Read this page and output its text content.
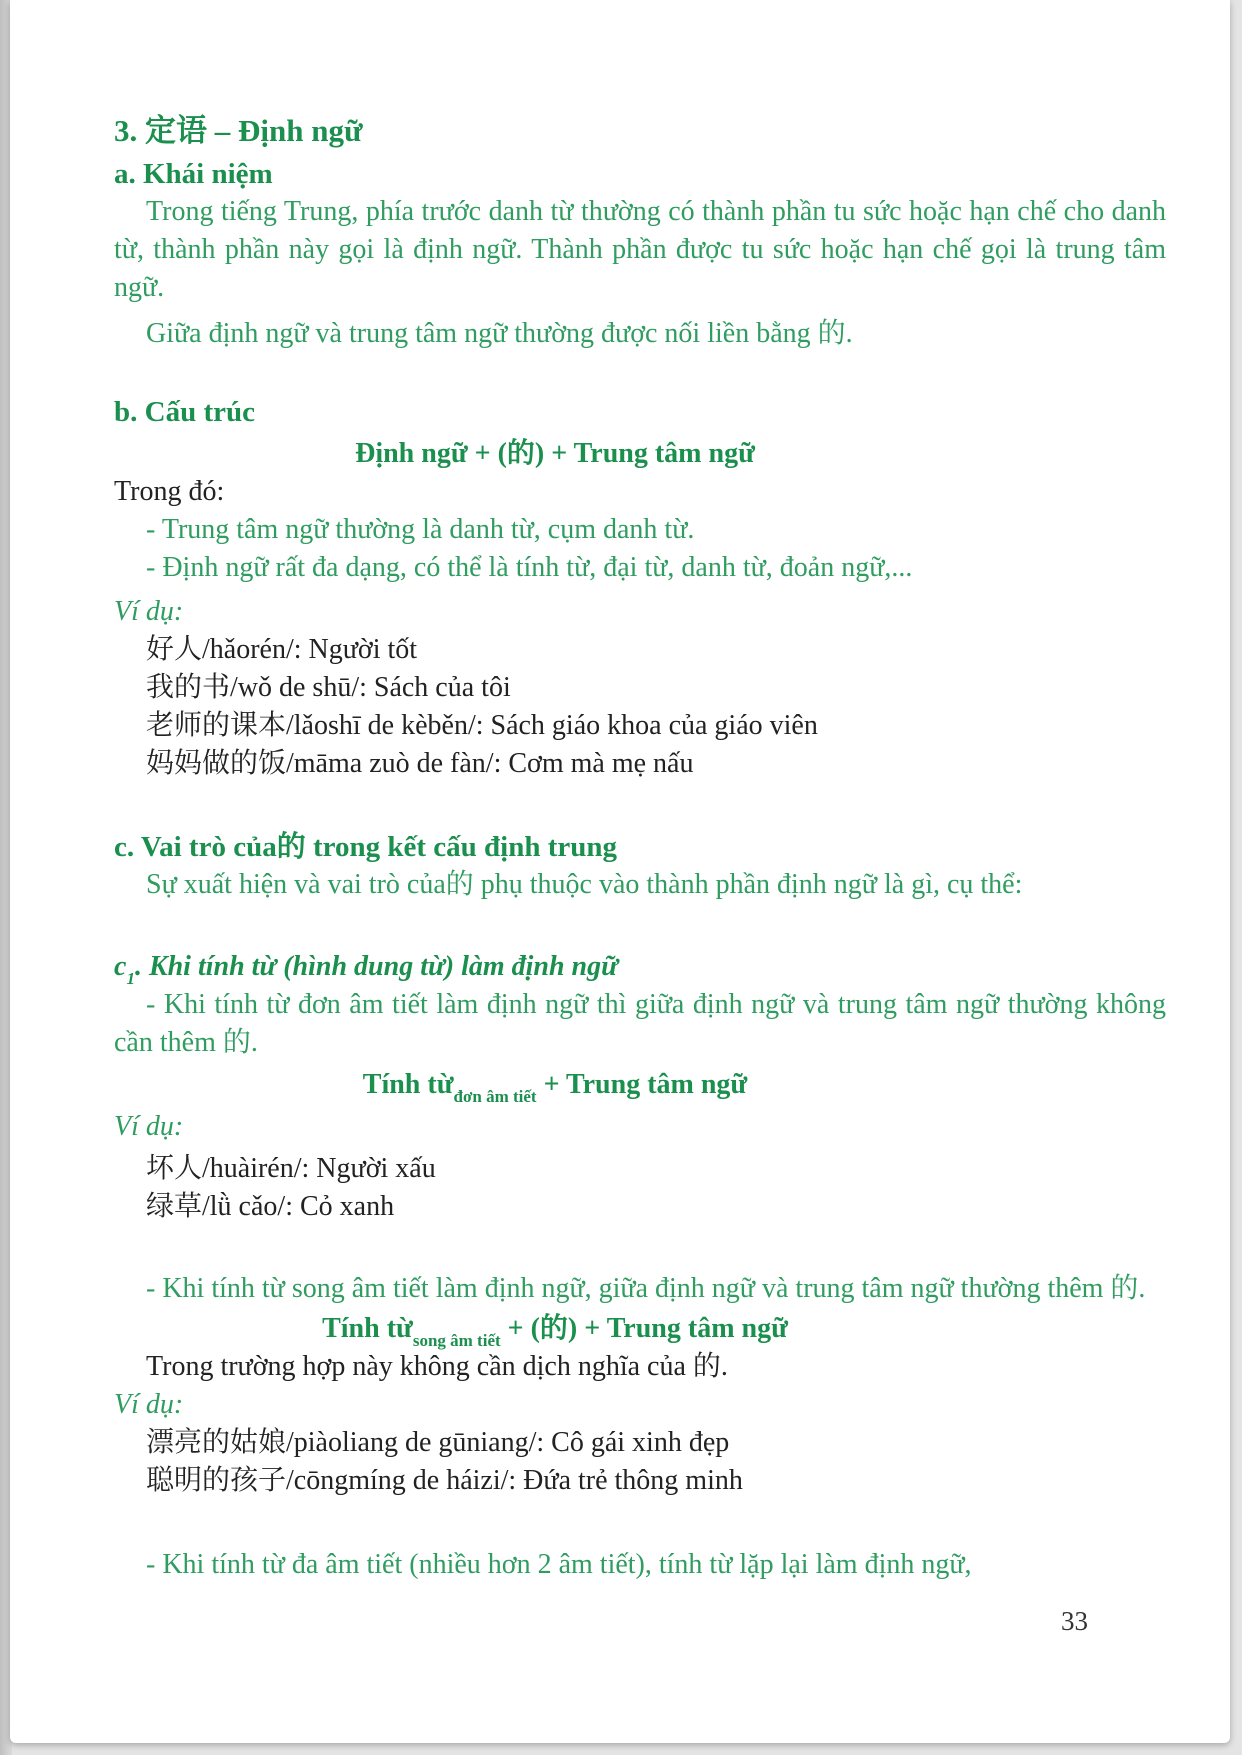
3. 定语 – Định ngữ

a. Khái niệm

Trong tiếng Trung, phía trước danh từ thường có thành phần tu sức hoặc hạn chế cho danh từ, thành phần này gọi là định ngữ. Thành phần được tu sức hoặc hạn chế gọi là trung tâm ngữ.

Giữa định ngữ và trung tâm ngữ thường được nối liền bằng 的.

b. Cấu trúc

Định ngữ + (的) + Trung tâm ngữ

Trong đó:

- Trung tâm ngữ thường là danh từ, cụm danh từ.

- Định ngữ rất đa dạng, có thể là tính từ, đại từ, danh từ, đoản ngữ,...

Ví dụ:

好人/hǎorén/: Người tốt

我的书/wǒ de shū/: Sách của tôi

老师的课本/lǎoshī de kèběn/: Sách giáo khoa của giáo viên

妈妈做的饭/māma zuò de fàn/: Cơm mà mẹ nấu

c. Vai trò của的 trong kết cấu định trung

Sự xuất hiện và vai trò của的 phụ thuộc vào thành phần định ngữ là gì, cụ thể:

$c_1$. Khi tính từ (hình dung từ) làm định ngữ

- Khi tính từ đơn âm tiết làm định ngữ thì giữa định ngữ và trung tâm ngữ thường không cần thêm 的.

Tính từ$_{đơn âm tiết}$ + Trung tâm ngữ

Ví dụ:

坏人/huàirén/: Người xấu

绿草/lǜ cǎo/: Cỏ xanh

- Khi tính từ song âm tiết làm định ngữ, giữa định ngữ và trung tâm ngữ thường thêm 的.

Tính từ$_{song âm tiết}$ + (的) + Trung tâm ngữ

Trong trường hợp này không cần dịch nghĩa của 的.

Ví dụ:

漂亮的姑娘/piàoliang de gūniang/: Cô gái xinh đẹp

聪明的孩子/cōngmíng de háizi/: Đứa trẻ thông minh

- Khi tính từ đa âm tiết (nhiều hơn 2 âm tiết), tính từ lặp lại làm định ngữ,

33
